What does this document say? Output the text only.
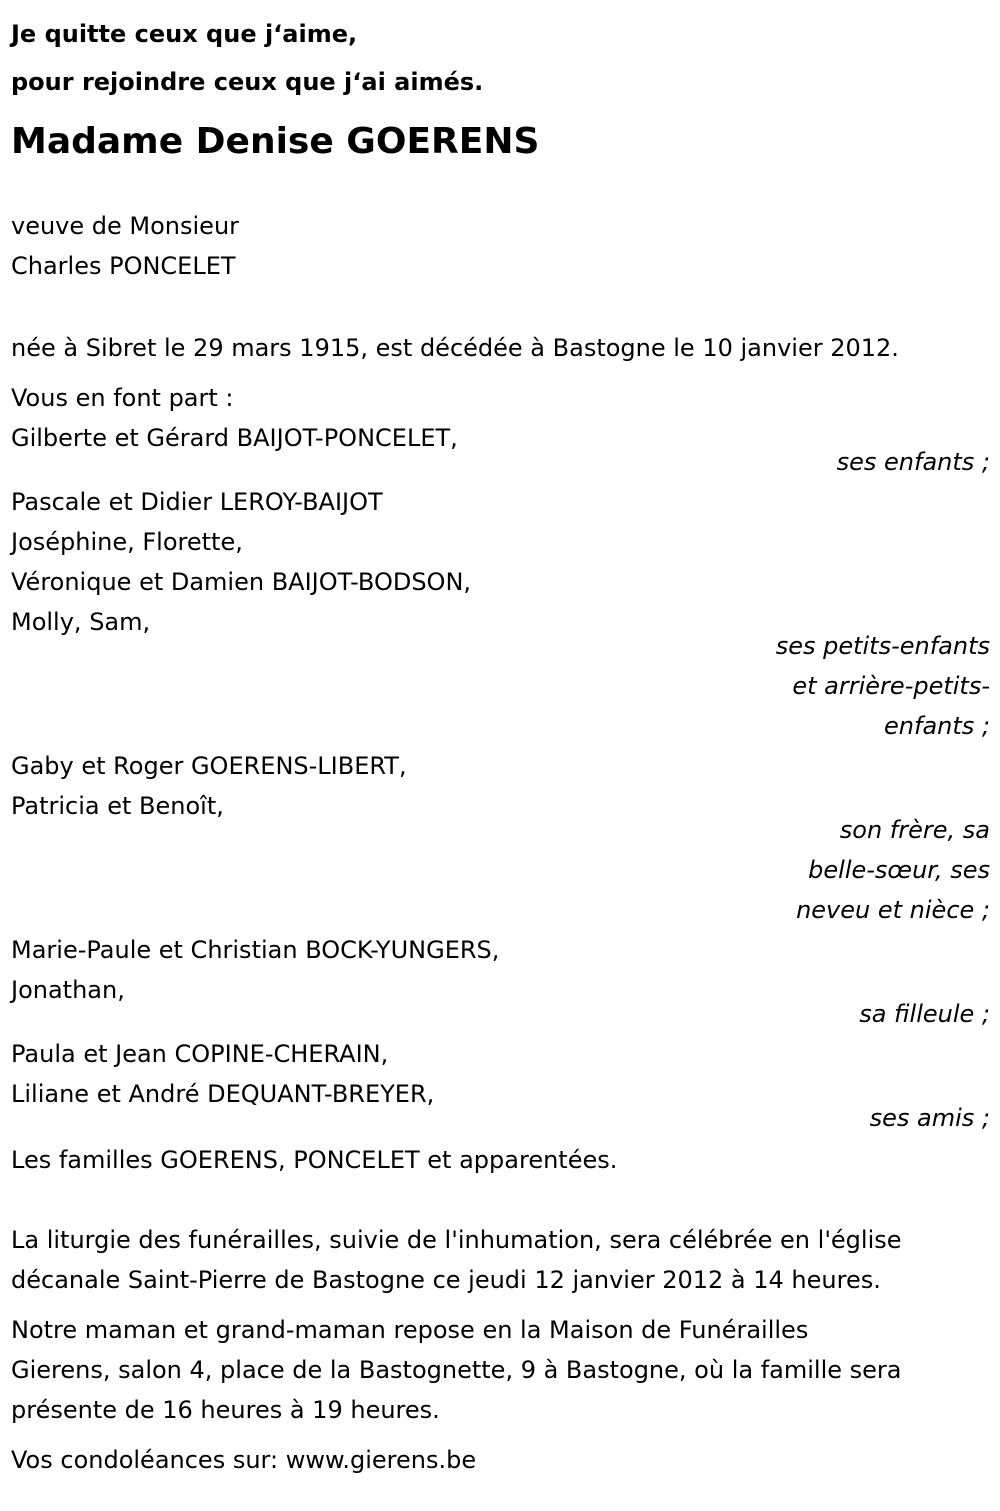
Je quitte ceux que j‘aime,
pour rejoindre ceux que j‘ai aimés.
Madame Denise GOERENS
veuve de Monsieur
Charles PONCELET
née à Sibret le 29 mars 1915, est décédée à Bastogne le 10 janvier 2012.
Vous en font part :
Gilberte et Gérard BAIJOT-PONCELET,
ses enfants ;
Pascale et Didier LEROY-BAIJOT
Joséphine, Florette,
Véronique et Damien BAIJOT-BODSON,
Molly, Sam,
ses petits-enfants
et arrière-petits-
enfants ;
Gaby et Roger GOERENS-LIBERT,
Patricia et Benoît,
son frère, sa
belle-sœur, ses
neveu et nièce ;
Marie-Paule et Christian BOCK-YUNGERS,
Jonathan,
sa filleule ;
Paula et Jean COPINE-CHERAIN,
Liliane et André DEQUANT-BREYER,
ses amis ;
Les familles GOERENS, PONCELET et apparentées.
La liturgie des funérailles, suivie de l'inhumation, sera célébrée en l'église
décanale Saint-Pierre de Bastogne ce jeudi 12 janvier 2012 à 14 heures.
Notre maman et grand-maman repose en la Maison de Funérailles
Gierens, salon 4, place de la Bastognette, 9 à Bastogne, où la famille sera
présente de 16 heures à 19 heures.
Vos condoléances sur: www.gierens.be
